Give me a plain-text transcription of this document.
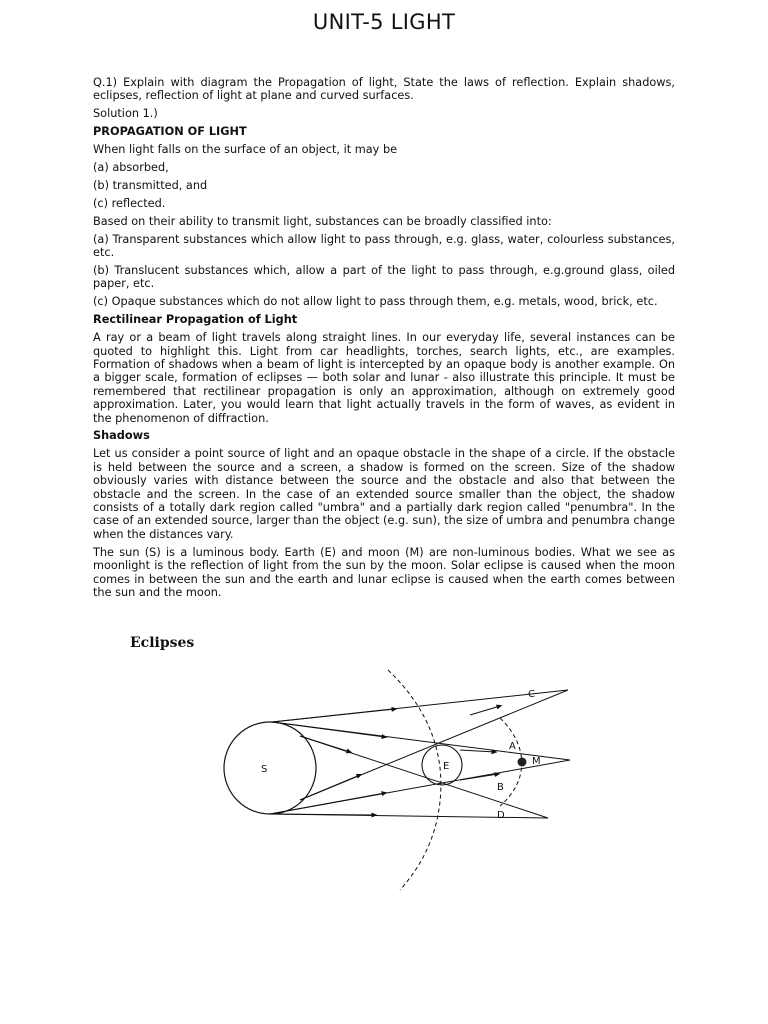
UNIT-5 LIGHT

Q.1) Explain with diagram the Propagation of light, State the laws of reflection. Explain shadows, eclipses, reflection of light at plane and curved surfaces.

Solution 1.)

PROPAGATION OF LIGHT

When light falls on the surface of an object, it may be

(a) absorbed,

(b) transmitted, and

(c) reflected.

Based on their ability to transmit light, substances can be broadly classified into:

(a) Transparent substances which allow light to pass through, e.g. glass, water, colourless substances, etc.

(b) Translucent substances which, allow a part of the light to pass through, e.g.ground glass, oiled paper, etc.

(c) Opaque substances which do not allow light to pass through them, e.g. metals, wood, brick, etc.

Rectilinear Propagation of Light

A ray or a beam of light travels along straight lines. In our everyday life, several instances can be quoted to highlight this. Light from car headlights, torches, search lights, etc., are examples. Formation of shadows when a beam of light is intercepted by an opaque body is another example. On a bigger scale, formation of eclipses — both solar and lunar - also illustrate this principle. It must be remembered that rectilinear propagation is only an approximation, although on extremely good approximation. Later, you would learn that light actually travels in the form of waves, as evident in the phenomenon of diffraction.

Shadows

Let us consider a point source of light and an opaque obstacle in the shape of a circle. If the obstacle is held between the source and a screen, a shadow is formed on the screen. Size of the shadow obviously varies with distance between the source and the obstacle and also that between the obstacle and the screen. In the case of an extended source smaller than the object, the shadow consists of a totally dark region called "umbra" and a partially dark region called "penumbra". In the case of an extended source, larger than the object (e.g. sun), the size of umbra and penumbra change when the distances vary.

The sun (S) is a luminous body. Earth (E) and moon (M) are non-luminous bodies. What we see as moonlight is the reflection of light from the sun by the moon. Solar eclipse is caused when the moon comes in between the sun and the earth and lunar eclipse is caused when the earth comes between the sun and the moon.

Eclipses
S	E	M
C
A
B
D
